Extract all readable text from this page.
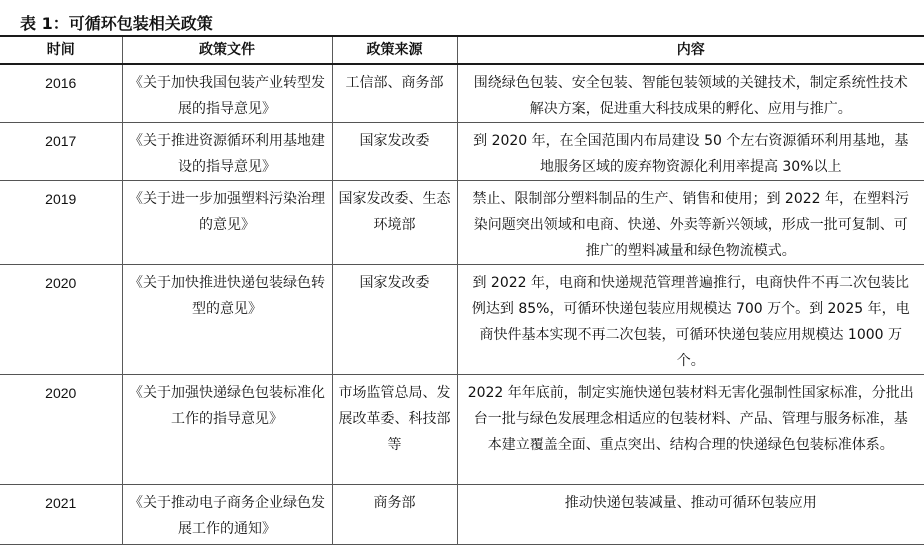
表 1：可循环包装相关政策
时间	政策文件	政策来源	内容
2016	《关于加快我国包装产业转型发展的指导意见》	工信部、商务部	围绕绿色包装、安全包装、智能包装领域的关键技术，制定系统性技术解决方案，促进重大科技成果的孵化、应用与推广。
2017	《关于推进资源循环利用基地建设的指导意见》	国家发改委	到 2020 年，在全国范围内布局建设 50 个左右资源循环利用基地，基地服务区域的废弃物资源化利用率提高 30%以上
2019	《关于进一步加强塑料污染治理的意见》	国家发改委、生态环境部	禁止、限制部分塑料制品的生产、销售和使用；到 2022 年，在塑料污染问题突出领域和电商、快递、外卖等新兴领域，形成一批可复制、可推广的塑料减量和绿色物流模式。
2020	《关于加快推进快递包装绿色转型的意见》	国家发改委	到 2022 年，电商和快递规范管理普遍推行，电商快件不再二次包装比例达到 85%，可循环快递包装应用规模达 700 万个。到 2025 年，电商快件基本实现不再二次包装，可循环快递包装应用规模达 1000 万个。
2020	《关于加强快递绿色包装标准化工作的指导意见》	市场监管总局、发展改革委、科技部等	2022 年年底前，制定实施快递包装材料无害化强制性国家标准，分批出台一批与绿色发展理念相适应的包装材料、产品、管理与服务标准，基本建立覆盖全面、重点突出、结构合理的快递绿色包装标准体系。
2021	《关于推动电子商务企业绿色发展工作的通知》	商务部	推动快递包装减量、推动可循环包装应用
